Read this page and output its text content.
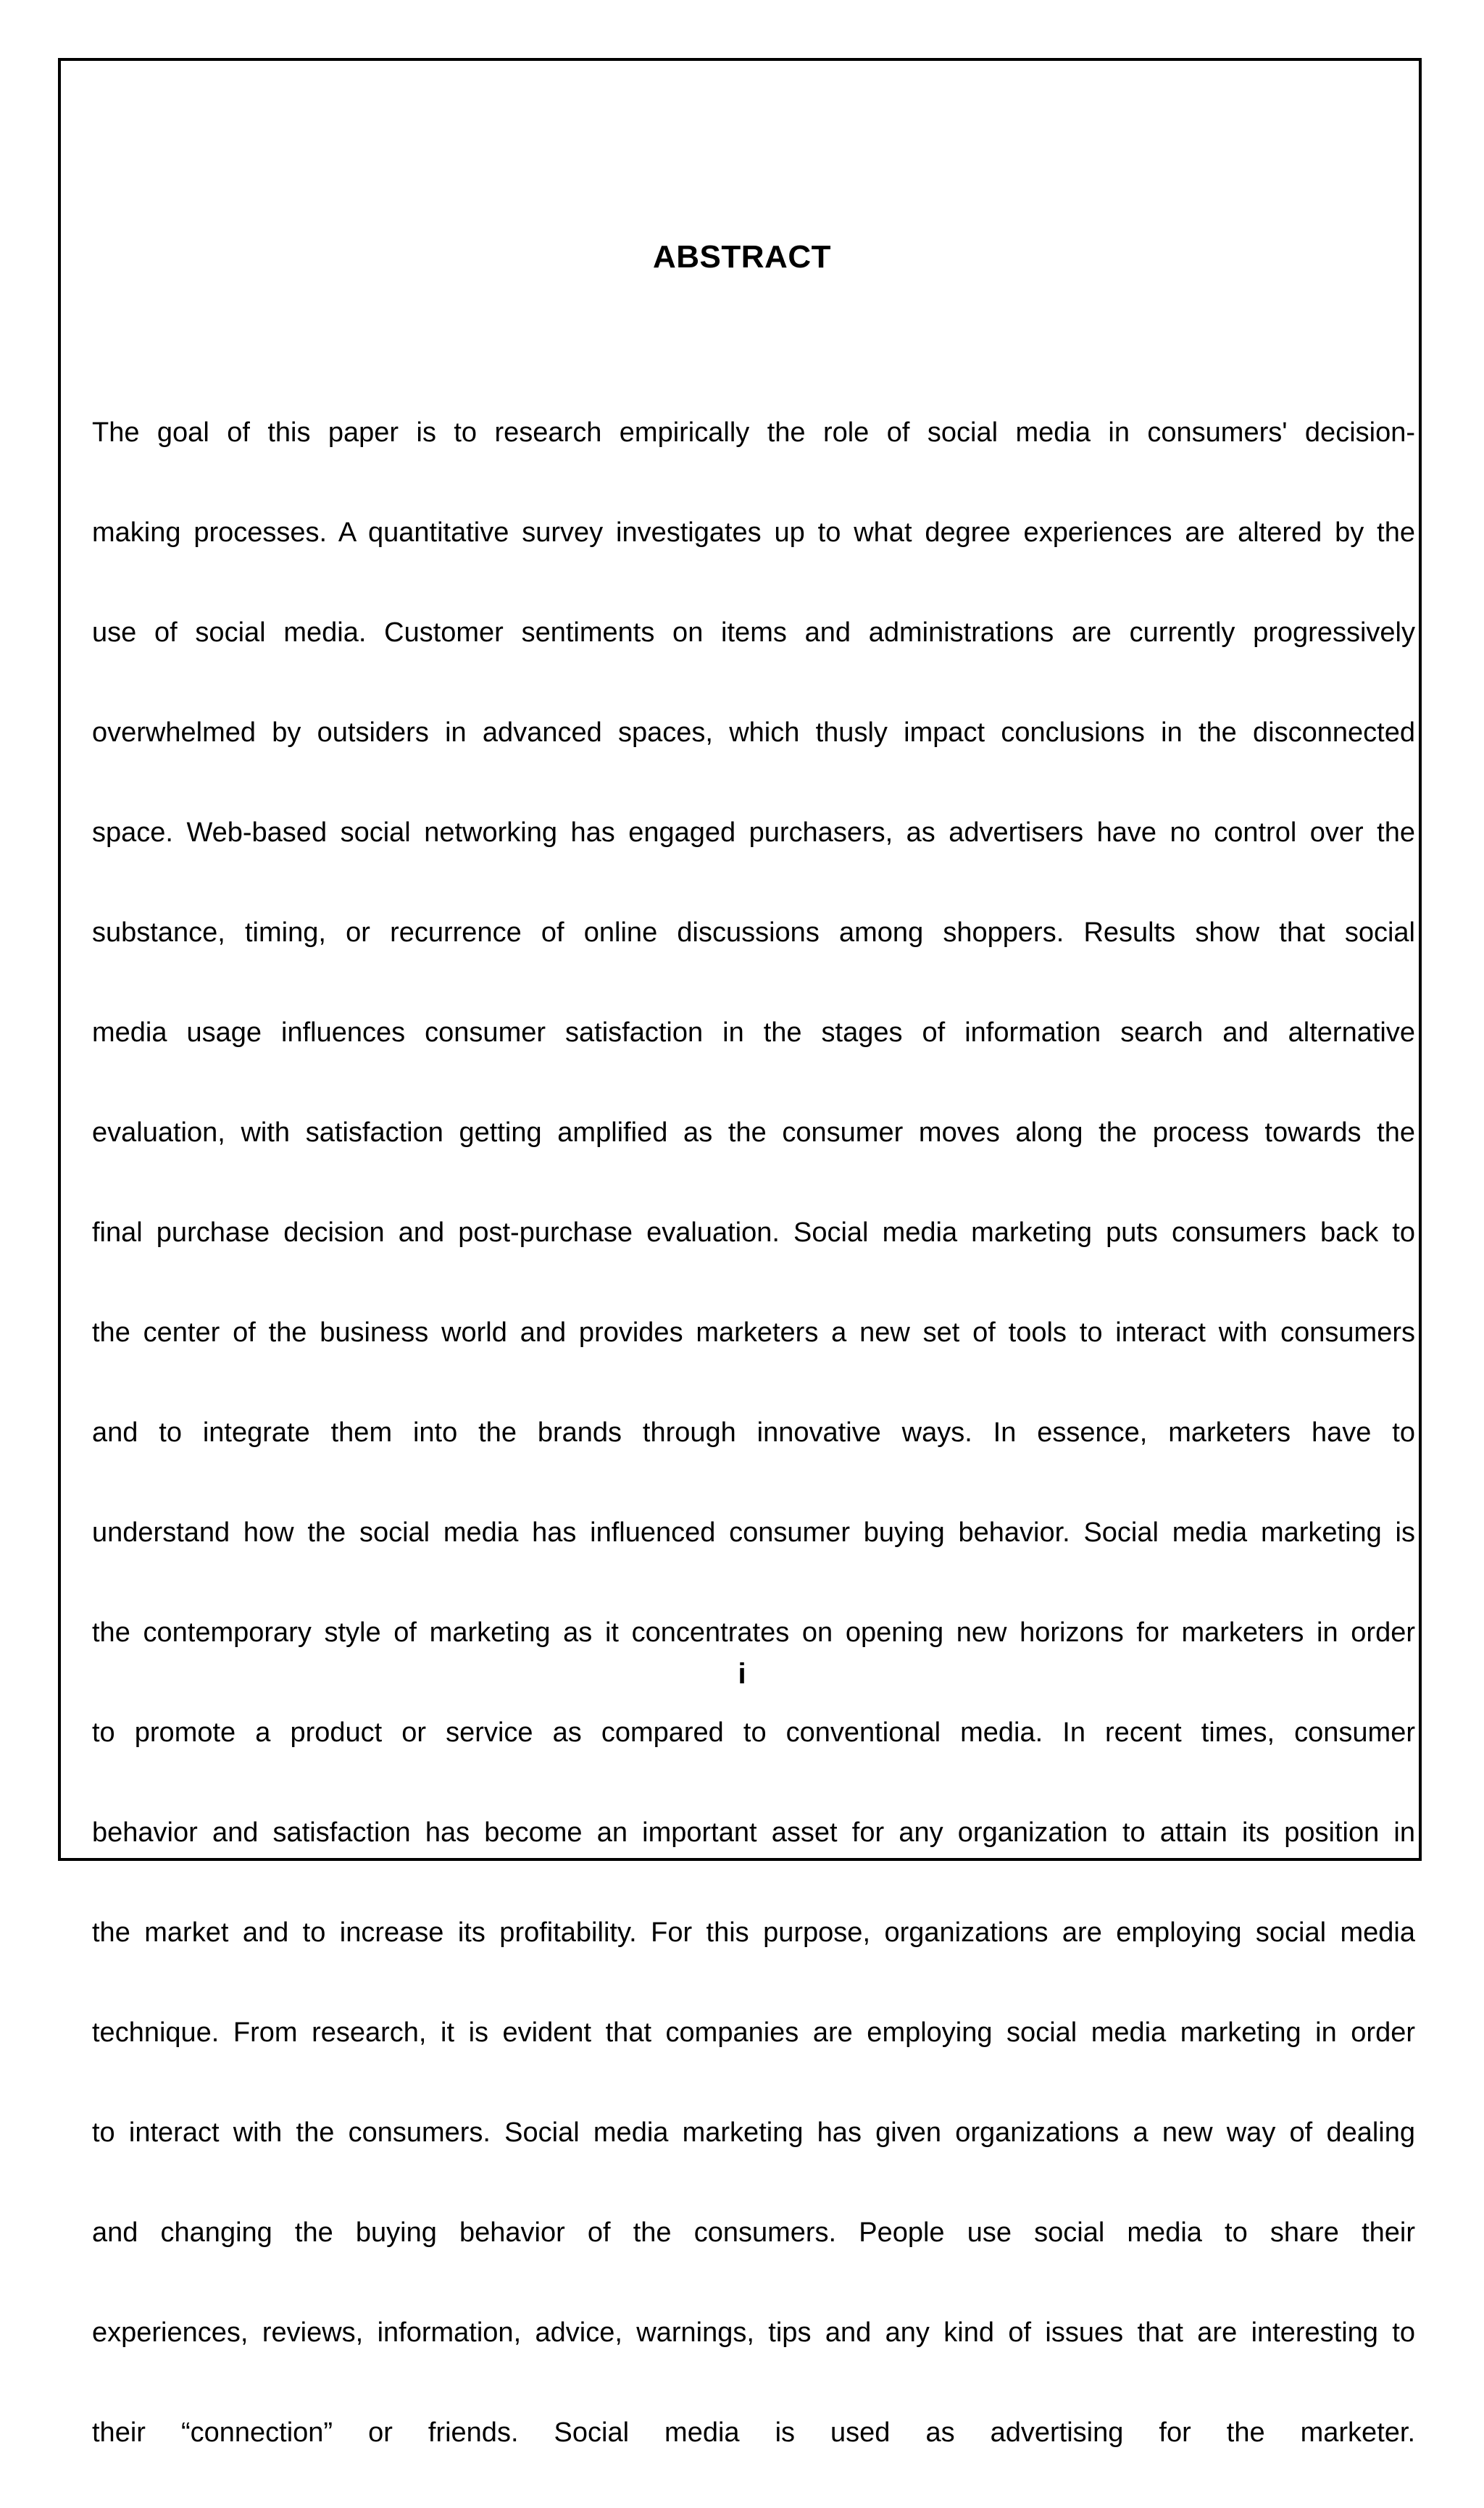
ABSTRACT

The goal of this paper is to research empirically the role of social media in consumers' decision-

making processes. A quantitative survey investigates up to what degree experiences are altered by the

use of social media. Customer sentiments on items and administrations are currently progressively

overwhelmed by outsiders in advanced spaces, which thusly impact conclusions in the disconnected

space. Web-based social networking has engaged purchasers, as advertisers have no control over the

substance, timing, or recurrence of online discussions among shoppers. Results show that social

media usage influences consumer satisfaction in the stages of information search and alternative

evaluation, with satisfaction getting amplified as the consumer moves along the process towards the

final purchase decision and post-purchase evaluation. Social media marketing puts consumers back to

the center of the business world and provides marketers a new set of tools to interact with consumers

and to integrate them into the brands through innovative ways. In essence, marketers have to

understand how the social media has influenced consumer buying behavior. Social media marketing is

the contemporary style of marketing as it concentrates on opening new horizons for marketers in order

to promote a product or service as compared to conventional media. In recent times, consumer

behavior and satisfaction has become an important asset for any organization to attain its position in

the market and to increase its profitability. For this purpose, organizations are employing social media

technique. From research, it is evident that companies are employing social media marketing in order

to interact with the consumers. Social media marketing has given organizations a new way of dealing

and changing the buying behavior of the consumers. People use social media to share their

experiences, reviews, information, advice, warnings, tips and any kind of issues that are interesting to

their “connection” or friends. Social media is used as advertising for the marketer.

i
